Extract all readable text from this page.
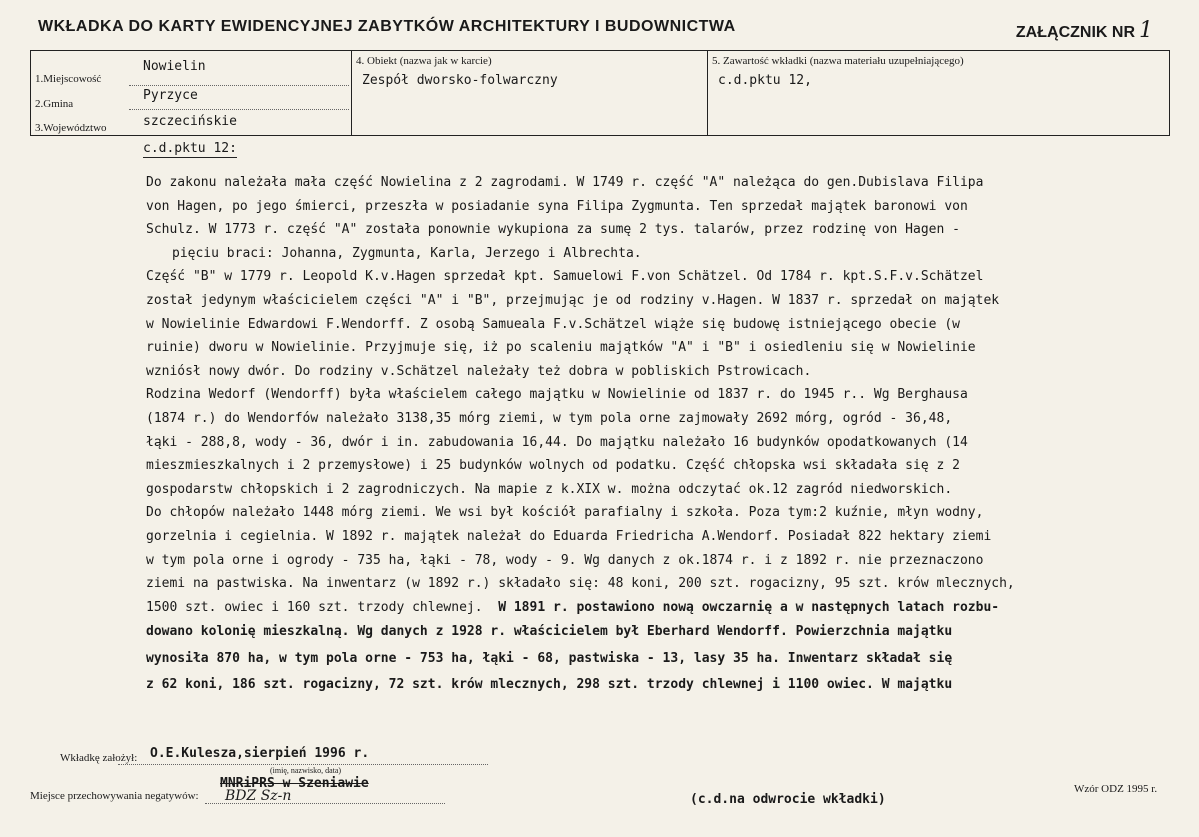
WKŁADKA DO KARTY EWIDENCYJNEJ ZABYTKÓW ARCHITEKTURY I BUDOWNICTWA	ZAŁĄCZNIK NR 1
1.Miejscowość
Nowielin
2.Gmina
Pyrzyce
3.Województwo	szczecińskie
4. Obiekt (nazwa jak w karcie)
Zespół dworsko-folwarczny
5. Zawartość wkładki (nazwa materiału uzupełniającego)
c.d.pktu 12,
c.d.pktu 12:
Do zakonu należała mała część Nowielina z 2 zagrodami. W 1749 r. część "A" należąca do gen.Dubislava Filipa
von Hagen, po jego śmierci, przeszła w posiadanie syna Filipa Zygmunta. Ten sprzedał majątek baronowi von
Schulz. W 1773 r. część "A" została ponownie wykupiona za sumę 2 tys. talarów, przez rodzinę von Hagen -
pięciu braci: Johanna, Zygmunta, Karla, Jerzego i Albrechta.
Część "B" w 1779 r. Leopold K.v.Hagen sprzedał kpt. Samuelowi F.von Schätzel. Od 1784 r. kpt.S.F.v.Schätzel
został jedynym właścicielem części "A" i "B", przejmując je od rodziny v.Hagen. W 1837 r. sprzedał on majątek
w Nowielinie Edwardowi F.Wendorff. Z osobą Samueala F.v.Schätzel wiąże się budowę istniejącego obecie (w
ruinie) dworu w Nowielinie. Przyjmuje się, iż po scaleniu majątków "A" i "B" i osiedleniu się w Nowielinie
wzniósł nowy dwór. Do rodziny v.Schätzel należały też dobra w pobliskich Pstrowicach.
Rodzina Wedorf (Wendorff) była właścielem całego majątku w Nowielinie od 1837 r. do 1945 r.. Wg Berghausa
(1874 r.) do Wendorfów należało 3138,35 mórg ziemi, w tym pola orne zajmowały 2692 mórg, ogród - 36,48,
łąki - 288,8, wody - 36, dwór i in. zabudowania 16,44. Do majątku należało 16 budynków opodatkowanych (14
mieszmieszkalnych i 2 przemysłowe) i 25 budynków wolnych od podatku. Część chłopska wsi składała się z 2
gospodarstw chłopskich i 2 zagrodniczych. Na mapie z k.XIX w. można odczytać ok.12 zagród niedworskich.
Do chłopów należało 1448 mórg ziemi. We wsi był kościół parafialny i szkoła. Poza tym:2 kuźnie, młyn wodny,
gorzelnia i cegielnia. W 1892 r. majątek należał do Eduarda Friedricha A.Wendorf. Posiadał 822 hektary ziemi
w tym pola orne i ogrody - 735 ha, łąki - 78, wody - 9. Wg danych z ok.1874 r. i z 1892 r. nie przeznaczono
ziemi na pastwiska. Na inwentarz (w 1892 r.) składało się: 48 koni, 200 szt. rogacizny, 95 szt. krów mlecznych,
1500 szt. owiec i 160 szt. trzody chlewnej. W 1891 r. postawiono nową owczarnię a w następnych latach rozbu-
dowano kolonię mieszkalną. Wg danych z 1928 r. właścicielem był Eberhard Wendorff. Powierzchnia majątku
wynosiła 870 ha, w tym pola orne - 753 ha, łąki - 68, pastwiska - 13, lasy 35 ha. Inwentarz składał się
z 62 koni, 186 szt. rogacizny, 72 szt. krów mlecznych, 298 szt. trzody chlewnej i 1100 owiec. W majątku
Wkładkę założył: O.E.Kulesza,sierpień 1996 r.
(imię, nazwisko, data)
Miejsce przechowywania negatywów:
MNRiPRS w Szeniawie
BDZ Sz-n	(c.d.na odwrocie wkładki)
Wzór ODZ 1995 r.
